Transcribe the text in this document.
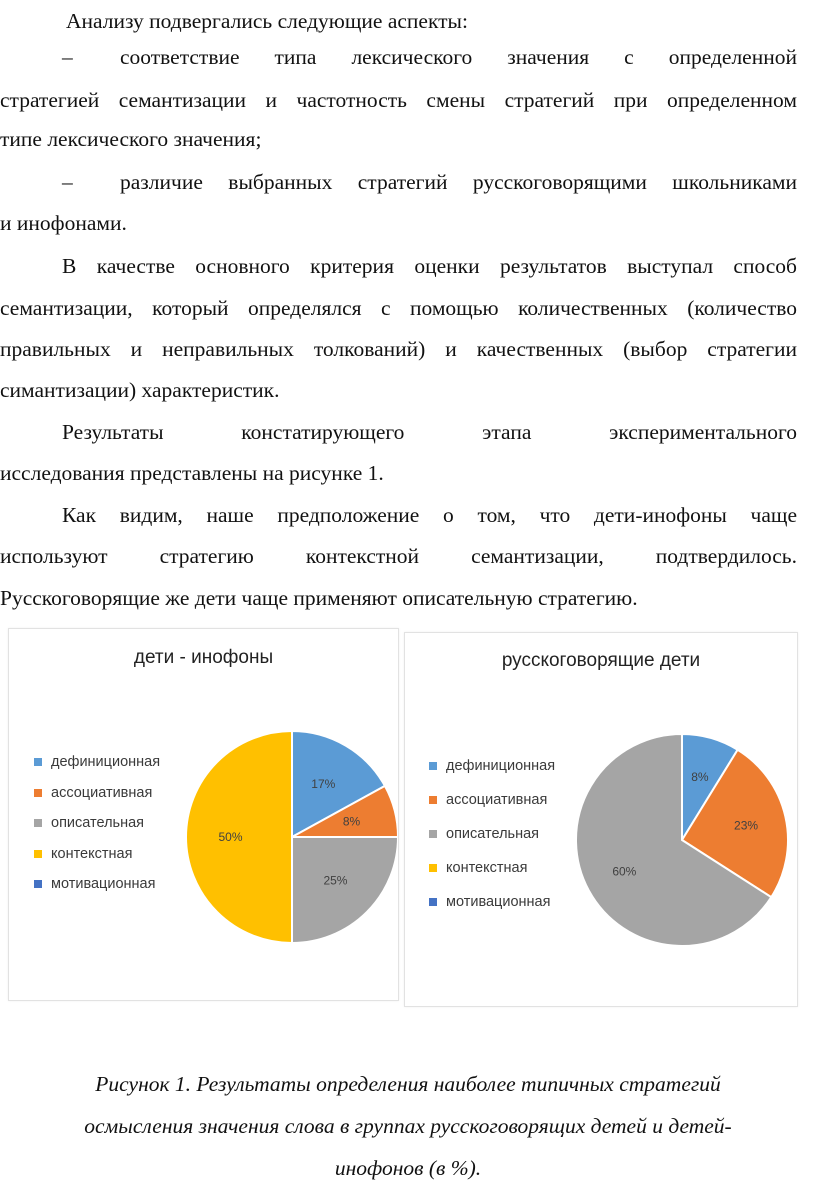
Анализу подвергались следующие аспекты:
– соответствие типа лексического значения с определенной
стратегией семантизации и частотность смены стратегий при определенном
типе лексического значения;
– различие выбранных стратегий русскоговорящими школьниками
и инофонами.
В качестве основного критерия оценки результатов выступал способ
семантизации, который определялся с помощью количественных (количество
правильных и неправильных толкований) и качественных (выбор стратегии
симантизации) характеристик.
Результаты констатирующего этапа экспериментального
исследования представлены на рисунке 1.
Как видим, наше предположение о том, что дети-инофоны чаще
используют стратегию контекстной семантизации, подтвердилось.
Русскоговорящие же дети чаще применяют описательную стратегию.
дети - инофоны
дефиниционная
ассоциативная
описательная
контекстная
мотивационная
17%
8%
25%
50%
русскоговорящие дети
дефиниционная
ассоциативная
описательная
контекстная
мотивационная
8%
23%
60%
Рисунок 1. Результаты определения наиболее типичных стратегий
осмысления значения слова в группах русскоговорящих детей и детей-
инофонов (в %).
